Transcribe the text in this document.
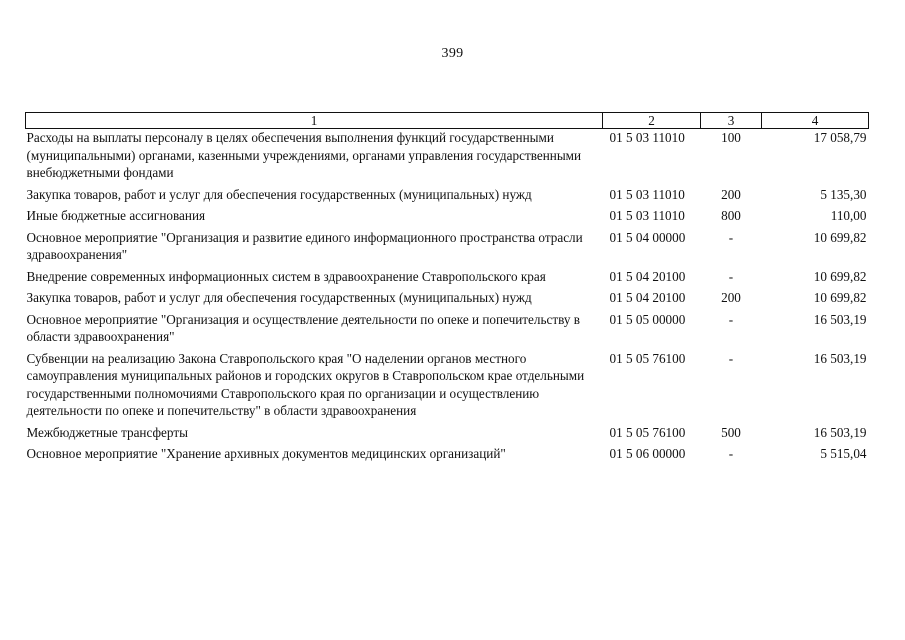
399
1	2	3	4
Расходы на выплаты персоналу в целях обеспечения выполнения функций государственными (муниципальными) органами, казенными учреждениями, органами управления государственными внебюджетными фондами	01 5 03 11010	100	17 058,79
Закупка товаров, работ и услуг для обеспечения государственных (муниципальных) нужд	01 5 03 11010	200	5 135,30
Иные бюджетные ассигнования	01 5 03 11010	800	110,00
Основное мероприятие "Организация и развитие единого информационного пространства отрасли здравоохранения"	01 5 04 00000	-	10 699,82
Внедрение современных информационных систем в здравоохранение Ставропольского края	01 5 04 20100	-	10 699,82
Закупка товаров, работ и услуг для обеспечения государственных (муниципальных) нужд	01 5 04 20100	200	10 699,82
Основное мероприятие "Организация и осуществление деятельности по опеке и попечительству в области здравоохранения"	01 5 05 00000	-	16 503,19
Субвенции на реализацию Закона Ставропольского края "О наделении органов местного самоуправления муниципальных районов и городских округов в Ставропольском крае отдельными государственными полномочиями Ставропольского края по организации и осуществлению деятельности по опеке и попечительству" в области здравоохранения	01 5 05 76100	-	16 503,19
Межбюджетные трансферты	01 5 05 76100	500	16 503,19
Основное мероприятие "Хранение архивных документов медицинских организаций"	01 5 06 00000	-	5 515,04
